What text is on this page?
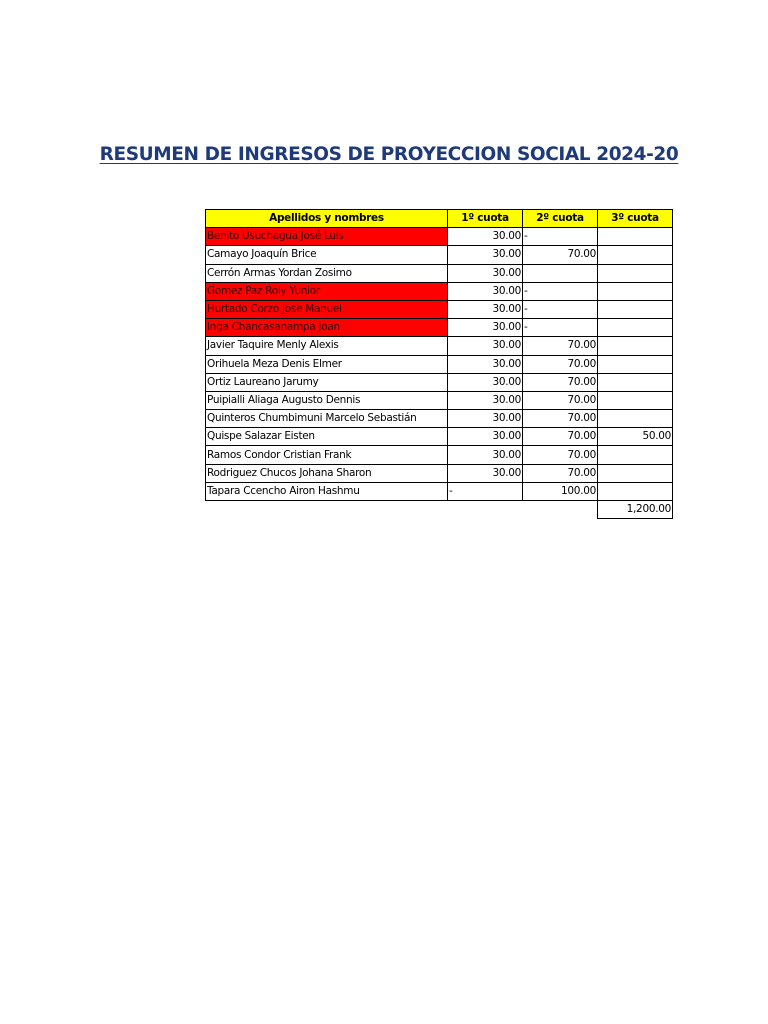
RESUMEN DE INGRESOS DE PROYECCION SOCIAL 2024-20
Apellidos y nombres	1º cuota	2º cuota	3º cuota
Benito Usuchagua José Luis	30.00	-	
Camayo Joaquín Brice	30.00	70.00	
Cerrón Armas Yordan Zosimo	30.00		
Gomez Paz Roly Yunior	30.00	-	
Hurtado Corzo Jose Manuel	30.00	-	
Inga Chancasanampa Joan	30.00	-	
Javier Taquire Menly Alexis	30.00	70.00	
Orihuela Meza Denis Elmer	30.00	70.00	
Ortiz Laureano Jarumy	30.00	70.00	
Puipialli Aliaga Augusto Dennis	30.00	70.00	
Quinteros Chumbimuni Marcelo Sebastián	30.00	70.00	
Quispe Salazar Eisten	30.00	70.00	50.00
Ramos Condor Cristian Frank	30.00	70.00	
Rodriguez Chucos Johana Sharon	30.00	70.00	
Tapara Ccencho Airon Hashmu	-	100.00	
			1,200.00
